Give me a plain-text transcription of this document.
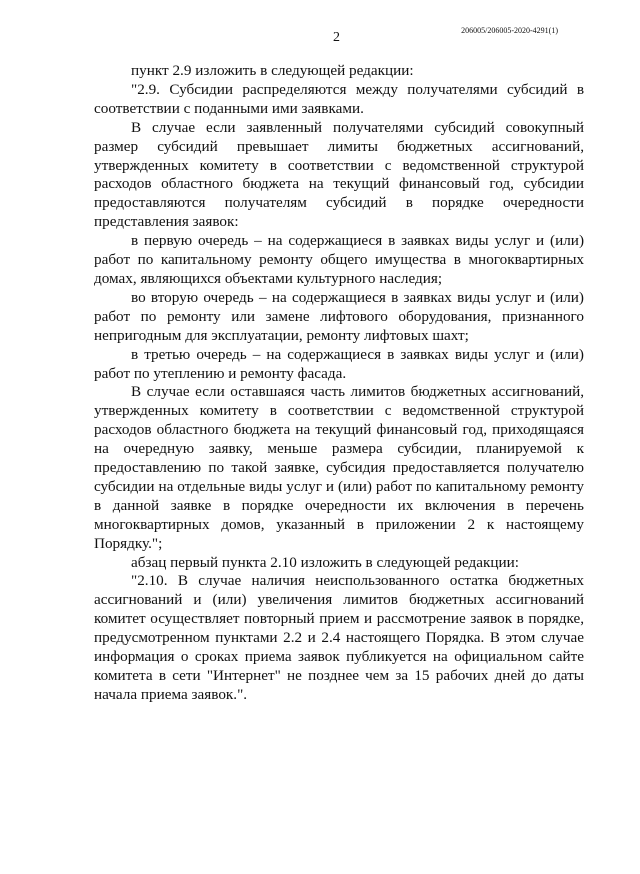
2	206005/206005-2020-4291(1)

пункт 2.9 изложить в следующей редакции:

"2.9. Субсидии распределяются между получателями субсидий в соответствии с поданными ими заявками.

В случае если заявленный получателями субсидий совокупный размер субсидий превышает лимиты бюджетных ассигнований, утвержденных комитету в соответствии с ведомственной структурой расходов областного бюджета на текущий финансовый год, субсидии предоставляются получателям субсидий в порядке очередности представления заявок:

в первую очередь – на содержащиеся в заявках виды услуг и (или) работ по капитальному ремонту общего имущества в многоквартирных домах, являющихся объектами культурного наследия;

во вторую очередь – на содержащиеся в заявках виды услуг и (или) работ по ремонту или замене лифтового оборудования, признанного непригодным для эксплуатации, ремонту лифтовых шахт;

в третью очередь – на содержащиеся в заявках виды услуг и (или) работ по утеплению и ремонту фасада.

В случае если оставшаяся часть лимитов бюджетных ассигнований, утвержденных комитету в соответствии с ведомственной структурой расходов областного бюджета на текущий финансовый год, приходящаяся на очередную заявку, меньше размера субсидии, планируемой к предоставлению по такой заявке, субсидия предоставляется получателю субсидии на отдельные виды услуг и (или) работ по капитальному ремонту в данной заявке в порядке очередности их включения в перечень многоквартирных домов, указанный в приложении 2 к настоящему Порядку.";

абзац первый пункта 2.10 изложить в следующей редакции:

"2.10. В случае наличия неиспользованного остатка бюджетных ассигнований и (или) увеличения лимитов бюджетных ассигнований комитет осуществляет повторный прием и рассмотрение заявок в порядке, предусмотренном пунктами 2.2 и 2.4 настоящего Порядка. В этом случае информация о сроках приема заявок публикуется на официальном сайте комитета в сети "Интернет" не позднее чем за 15 рабочих дней до даты начала приема заявок.".
